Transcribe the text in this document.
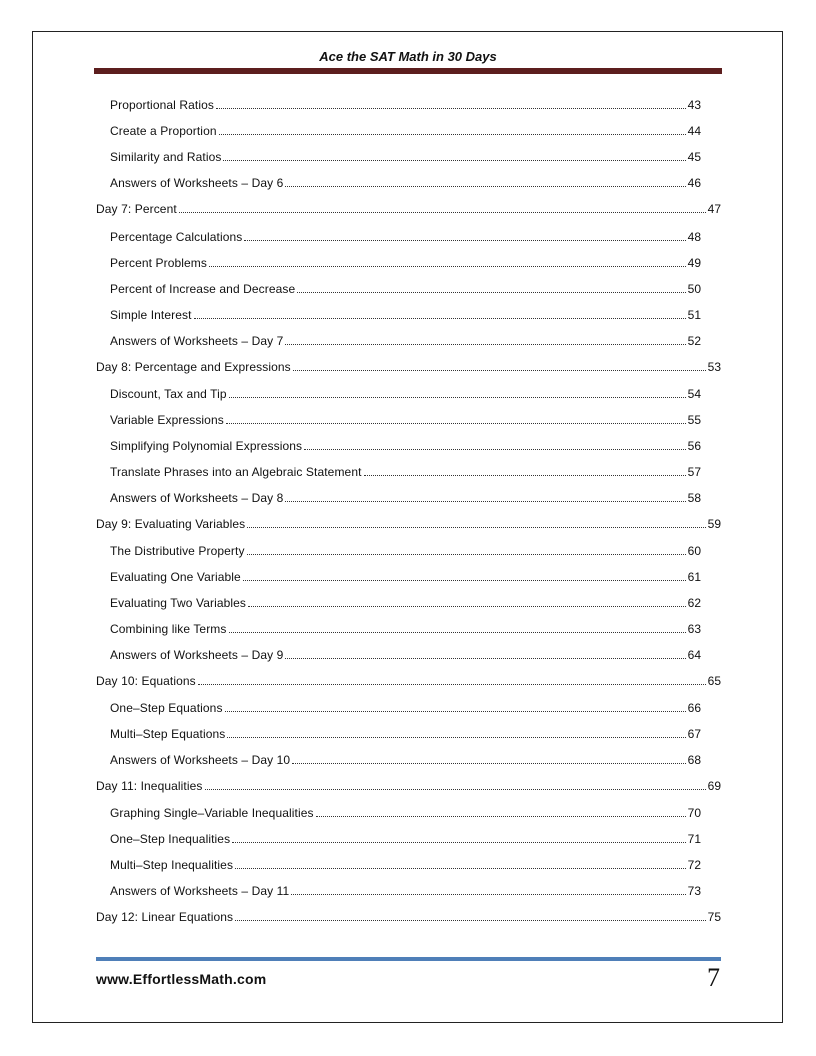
Ace the SAT Math in 30 Days
Proportional Ratios	43
Create a Proportion	44
Similarity and Ratios	45
Answers of Worksheets – Day 6	46
Day 7: Percent	47
Percentage Calculations	48
Percent Problems	49
Percent of Increase and Decrease	50
Simple Interest	51
Answers of Worksheets – Day 7	52
Day 8: Percentage and Expressions	53
Discount, Tax and Tip	54
Variable Expressions	55
Simplifying Polynomial Expressions	56
Translate Phrases into an Algebraic Statement	57
Answers of Worksheets – Day 8	58
Day 9: Evaluating Variables	59
The Distributive Property	60
Evaluating One Variable	61
Evaluating Two Variables	62
Combining like Terms	63
Answers of Worksheets – Day 9	64
Day 10: Equations	65
One–Step Equations	66
Multi–Step Equations	67
Answers of Worksheets – Day 10	68
Day 11: Inequalities	69
Graphing Single–Variable Inequalities	70
One–Step Inequalities	71
Multi–Step Inequalities	72
Answers of Worksheets – Day 11	73
Day 12: Linear Equations	75
www.EffortlessMath.com	7
